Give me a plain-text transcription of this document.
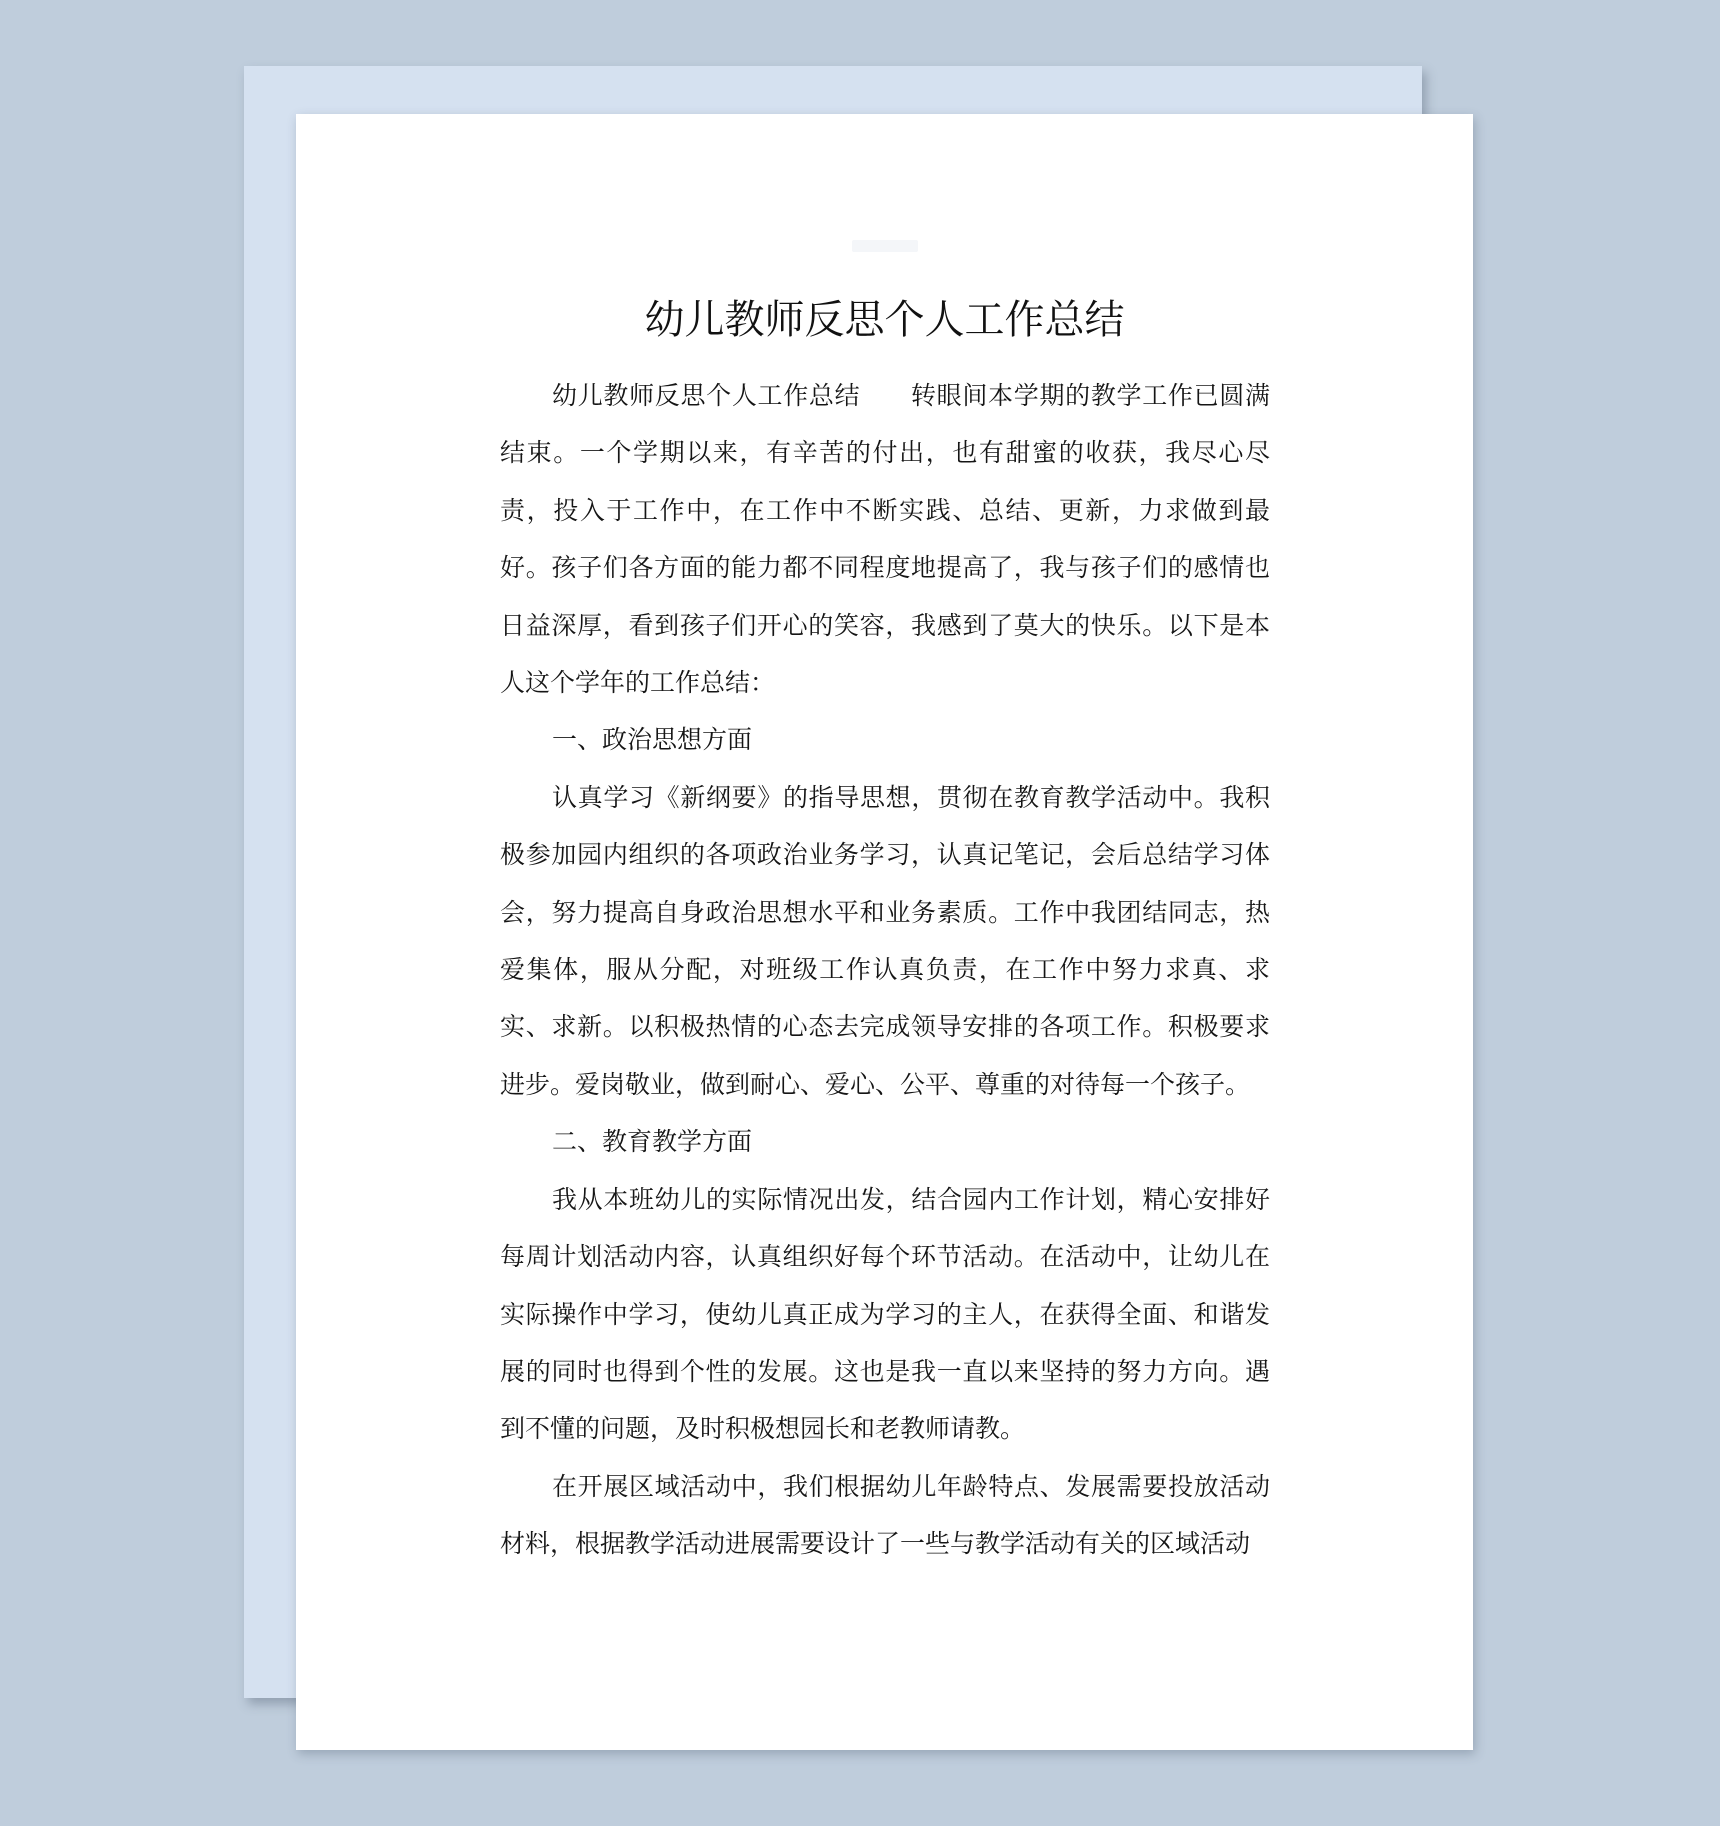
幼儿教师反思个人工作总结

幼儿教师反思个人工作总结 转眼间本学期的教学工作已圆满结束。一个学期以来，有辛苦的付出，也有甜蜜的收获，我尽心尽责，投入于工作中，在工作中不断实践、总结、更新，力求做到最好。孩子们各方面的能力都不同程度地提高了，我与孩子们的感情也日益深厚，看到孩子们开心的笑容，我感到了莫大的快乐。以下是本人这个学年的工作总结：

一、政治思想方面

认真学习《新纲要》的指导思想，贯彻在教育教学活动中。我积极参加园内组织的各项政治业务学习，认真记笔记，会后总结学习体会，努力提高自身政治思想水平和业务素质。工作中我团结同志，热爱集体，服从分配，对班级工作认真负责，在工作中努力求真、求实、求新。以积极热情的心态去完成领导安排的各项工作。积极要求进步。爱岗敬业，做到耐心、爱心、公平、尊重的对待每一个孩子。

二、教育教学方面

我从本班幼儿的实际情况出发，结合园内工作计划，精心安排好每周计划活动内容，认真组织好每个环节活动。在活动中，让幼儿在实际操作中学习，使幼儿真正成为学习的主人，在获得全面、和谐发展的同时也得到个性的发展。这也是我一直以来坚持的努力方向。遇到不懂的问题，及时积极想园长和老教师请教。

在开展区域活动中，我们根据幼儿年龄特点、发展需要投放活动材料，根据教学活动进展需要设计了一些与教学活动有关的区域活动
